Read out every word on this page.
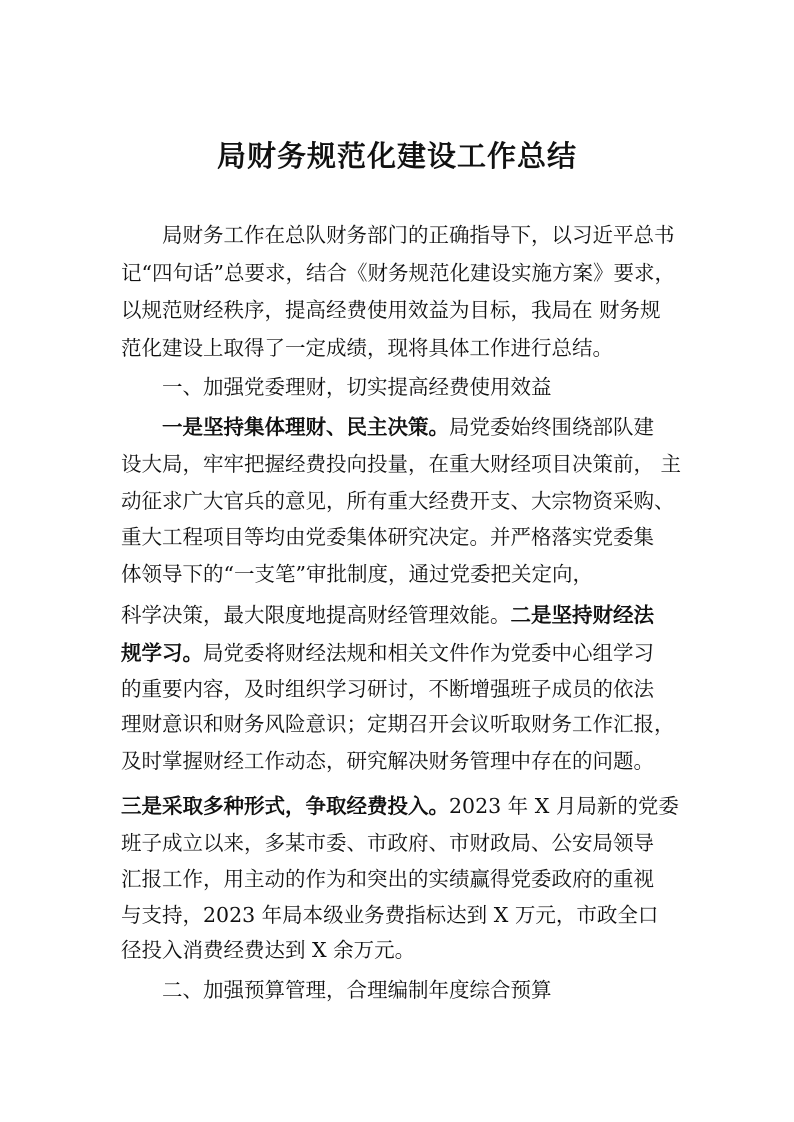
局财务规范化建设工作总结
局财务工作在总队财务部门的正确指导下，以习近平总书
记“四句话”总要求，结合《财务规范化建设实施方案》要求，
以规范财经秩序，提高经费使用效益为目标，我局在 财务规
范化建设上取得了一定成绩，现将具体工作进行总结。
一、加强党委理财，切实提高经费使用效益
一是坚持集体理财、民主决策。局党委始终围绕部队建
设大局，牢牢把握经费投向投量，在重大财经项目决策前， 主
动征求广大官兵的意见，所有重大经费开支、大宗物资采购、
重大工程项目等均由党委集体研究决定。并严格落实党委集
体领导下的“一支笔”审批制度，通过党委把关定向，
科学决策，最大限度地提高财经管理效能。二是坚持财经法
规学习。局党委将财经法规和相关文件作为党委中心组学习
的重要内容，及时组织学习研讨，不断增强班子成员的依法
理财意识和财务风险意识；定期召开会议听取财务工作汇报，
及时掌握财经工作动态，研究解决财务管理中存在的问题。
三是采取多种形式，争取经费投入。2023 年 X 月局新的党委
班子成立以来，多某市委、市政府、市财政局、公安局领导
汇报工作，用主动的作为和突出的实绩赢得党委政府的重视
与支持，2023 年局本级业务费指标达到 X 万元，市政全口
径投入消费经费达到 X 余万元。
二、加强预算管理，合理编制年度综合预算
